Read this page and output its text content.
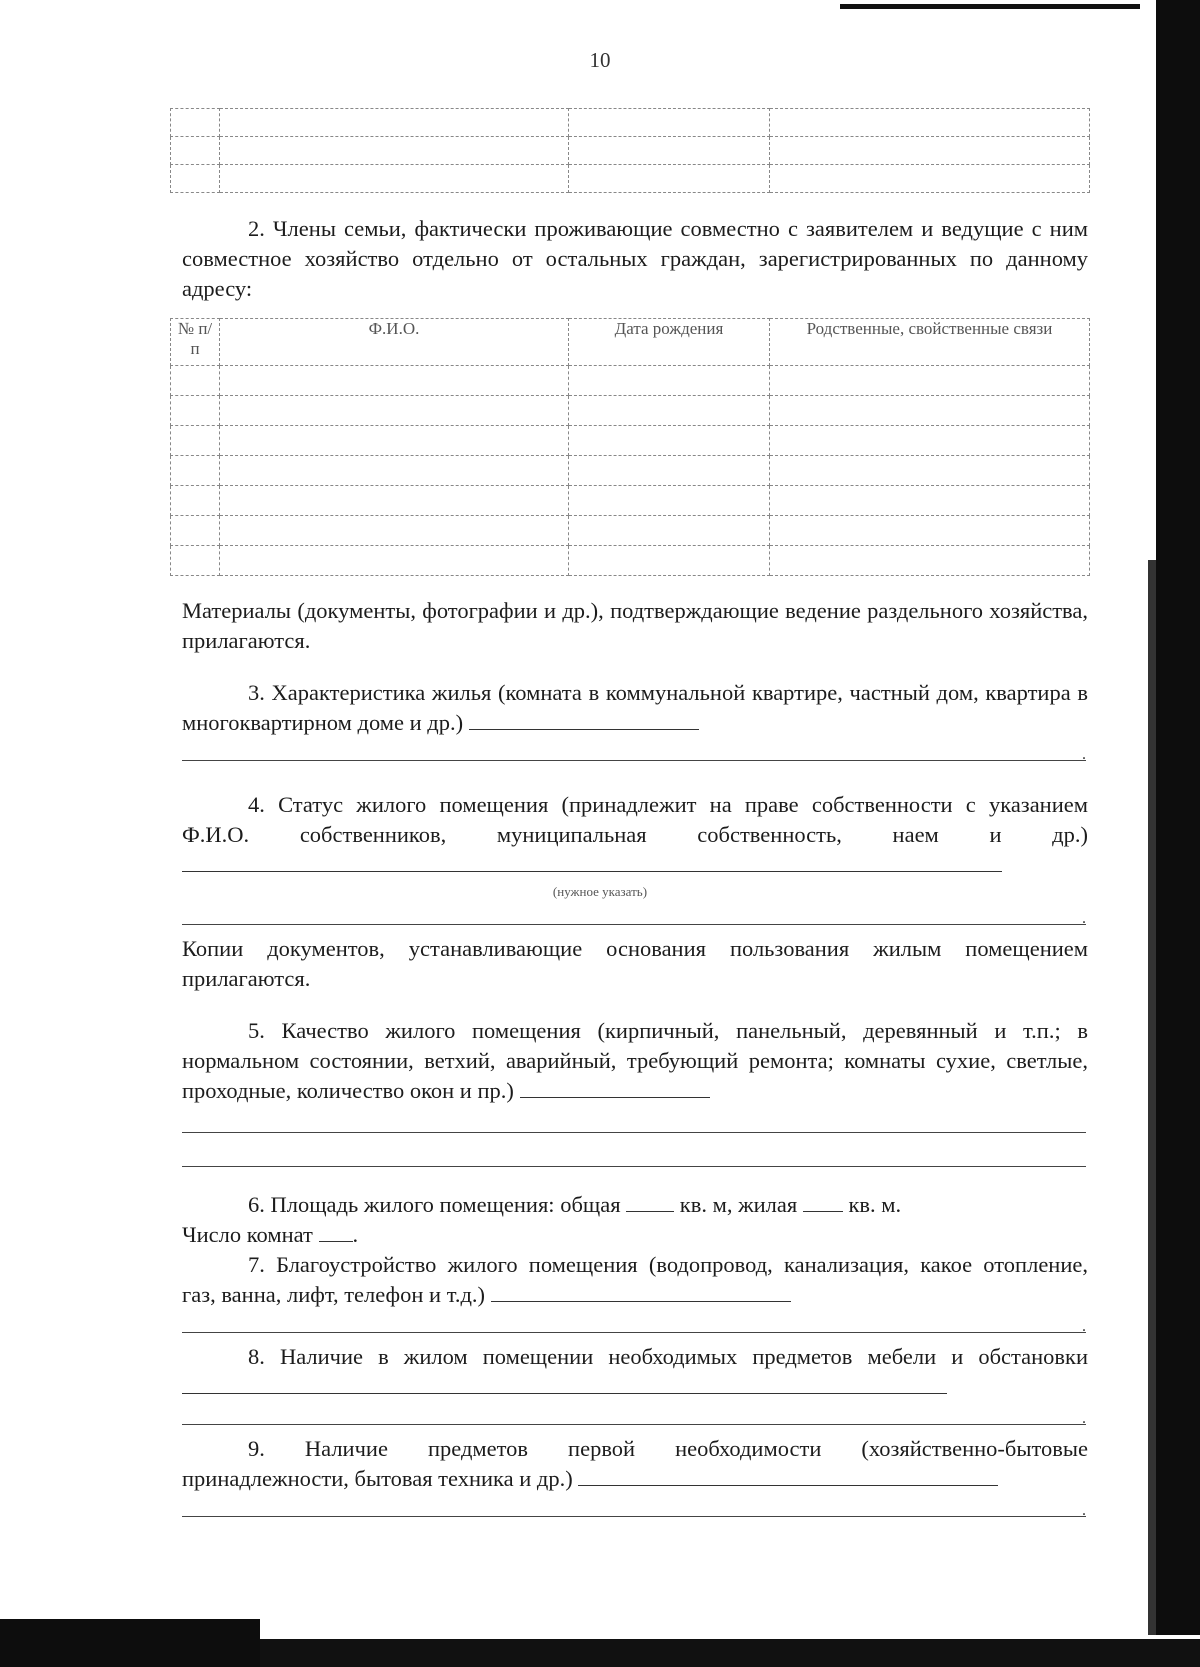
10

2. Члены семьи, фактически проживающие совместно с заявителем и ведущие с ним совместное хозяйство отдельно от остальных граждан, зарегистрированных по данному адресу:

№ п/п	Ф.И.О.	Дата рождения	Родственные, свойственные связи

Материалы (документы, фотографии и др.), подтверждающие ведение раздельного хозяйства, прилагаются.

3. Характеристика жилья (комната в коммунальной квартире, частный дом, квартира в многоквартирном доме и др.)

.

4. Статус жилого помещения (принадлежит на праве собственности с указанием Ф.И.О. собственников, муниципальная собственность, наем и др.)

(нужное указать)
.

Копии документов, устанавливающие основания пользования жилым помещением прилагаются.

5. Качество жилого помещения (кирпичный, панельный, деревянный и т.п.; в нормальном состоянии, ветхий, аварийный, требующий ремонта; комнаты сухие, светлые, проходные, количество окон и пр.)

6. Площадь жилого помещения: общая	кв. м, жилая кв. м.

Число комнат .

7. Благоустройство жилого помещения (водопровод, канализация, какое отопление, газ, ванна, лифт, телефон и т.д.)

.

8. Наличие в жилом помещении необходимых предметов мебели и обстановки

.

9. Наличие предметов первой необходимости (хозяйственно-бытовые принадлежности, бытовая техника и др.)

.
